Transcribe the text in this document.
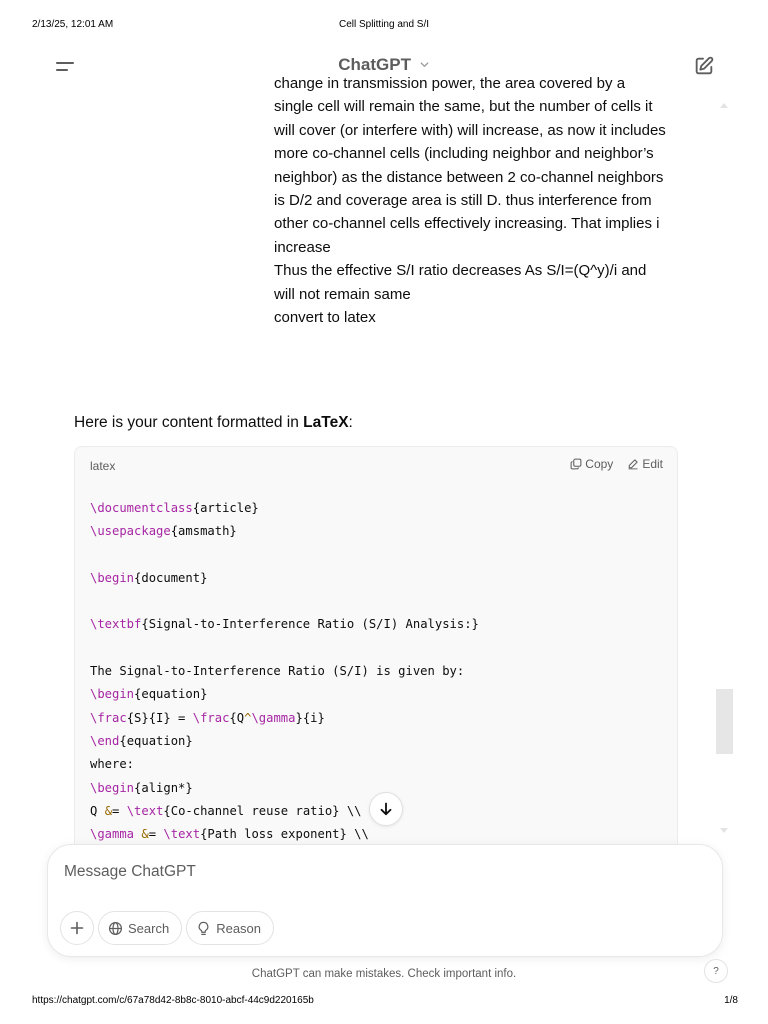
2/13/25, 12:01 AM	Cell Splitting and S/I
ChatGPT

change in transmission power, the area covered by a

single cell will remain the same, but the number of cells it will cover (or interfere with) will increase, as now it includes more co-channel cells (including neighbor and neighbor’s neighbor) as the distance between 2 co-channel neighbors is D/2 and coverage area is still D. thus interference from other co-channel cells effectively increasing. That implies i increase

Thus the effective S/I ratio decreases As S/I=(Q^y)/i and will not remain same

convert to latex

Here is your content formatted in LaTeX:
latex	Copy Edit
\documentclass{article}
\usepackage{amsmath}

\begin{document}

\textbf{Signal-to-Interference Ratio (S/I) Analysis:}

The Signal-to-Interference Ratio (S/I) is given by:
\begin{equation}
\frac{S}{I} = \frac{Q^\gamma}{i}
\end{equation}
where:
\begin{align*}
Q &= \text{Co-channel reuse ratio} \\
\gamma &= \text{Path loss exponent} \\
Message ChatGPT
Search	Reason
ChatGPT can make mistakes. Check important info.	?
https://chatgpt.com/c/67a78d42-8b8c-8010-abcf-44c9d220165b	1/8
